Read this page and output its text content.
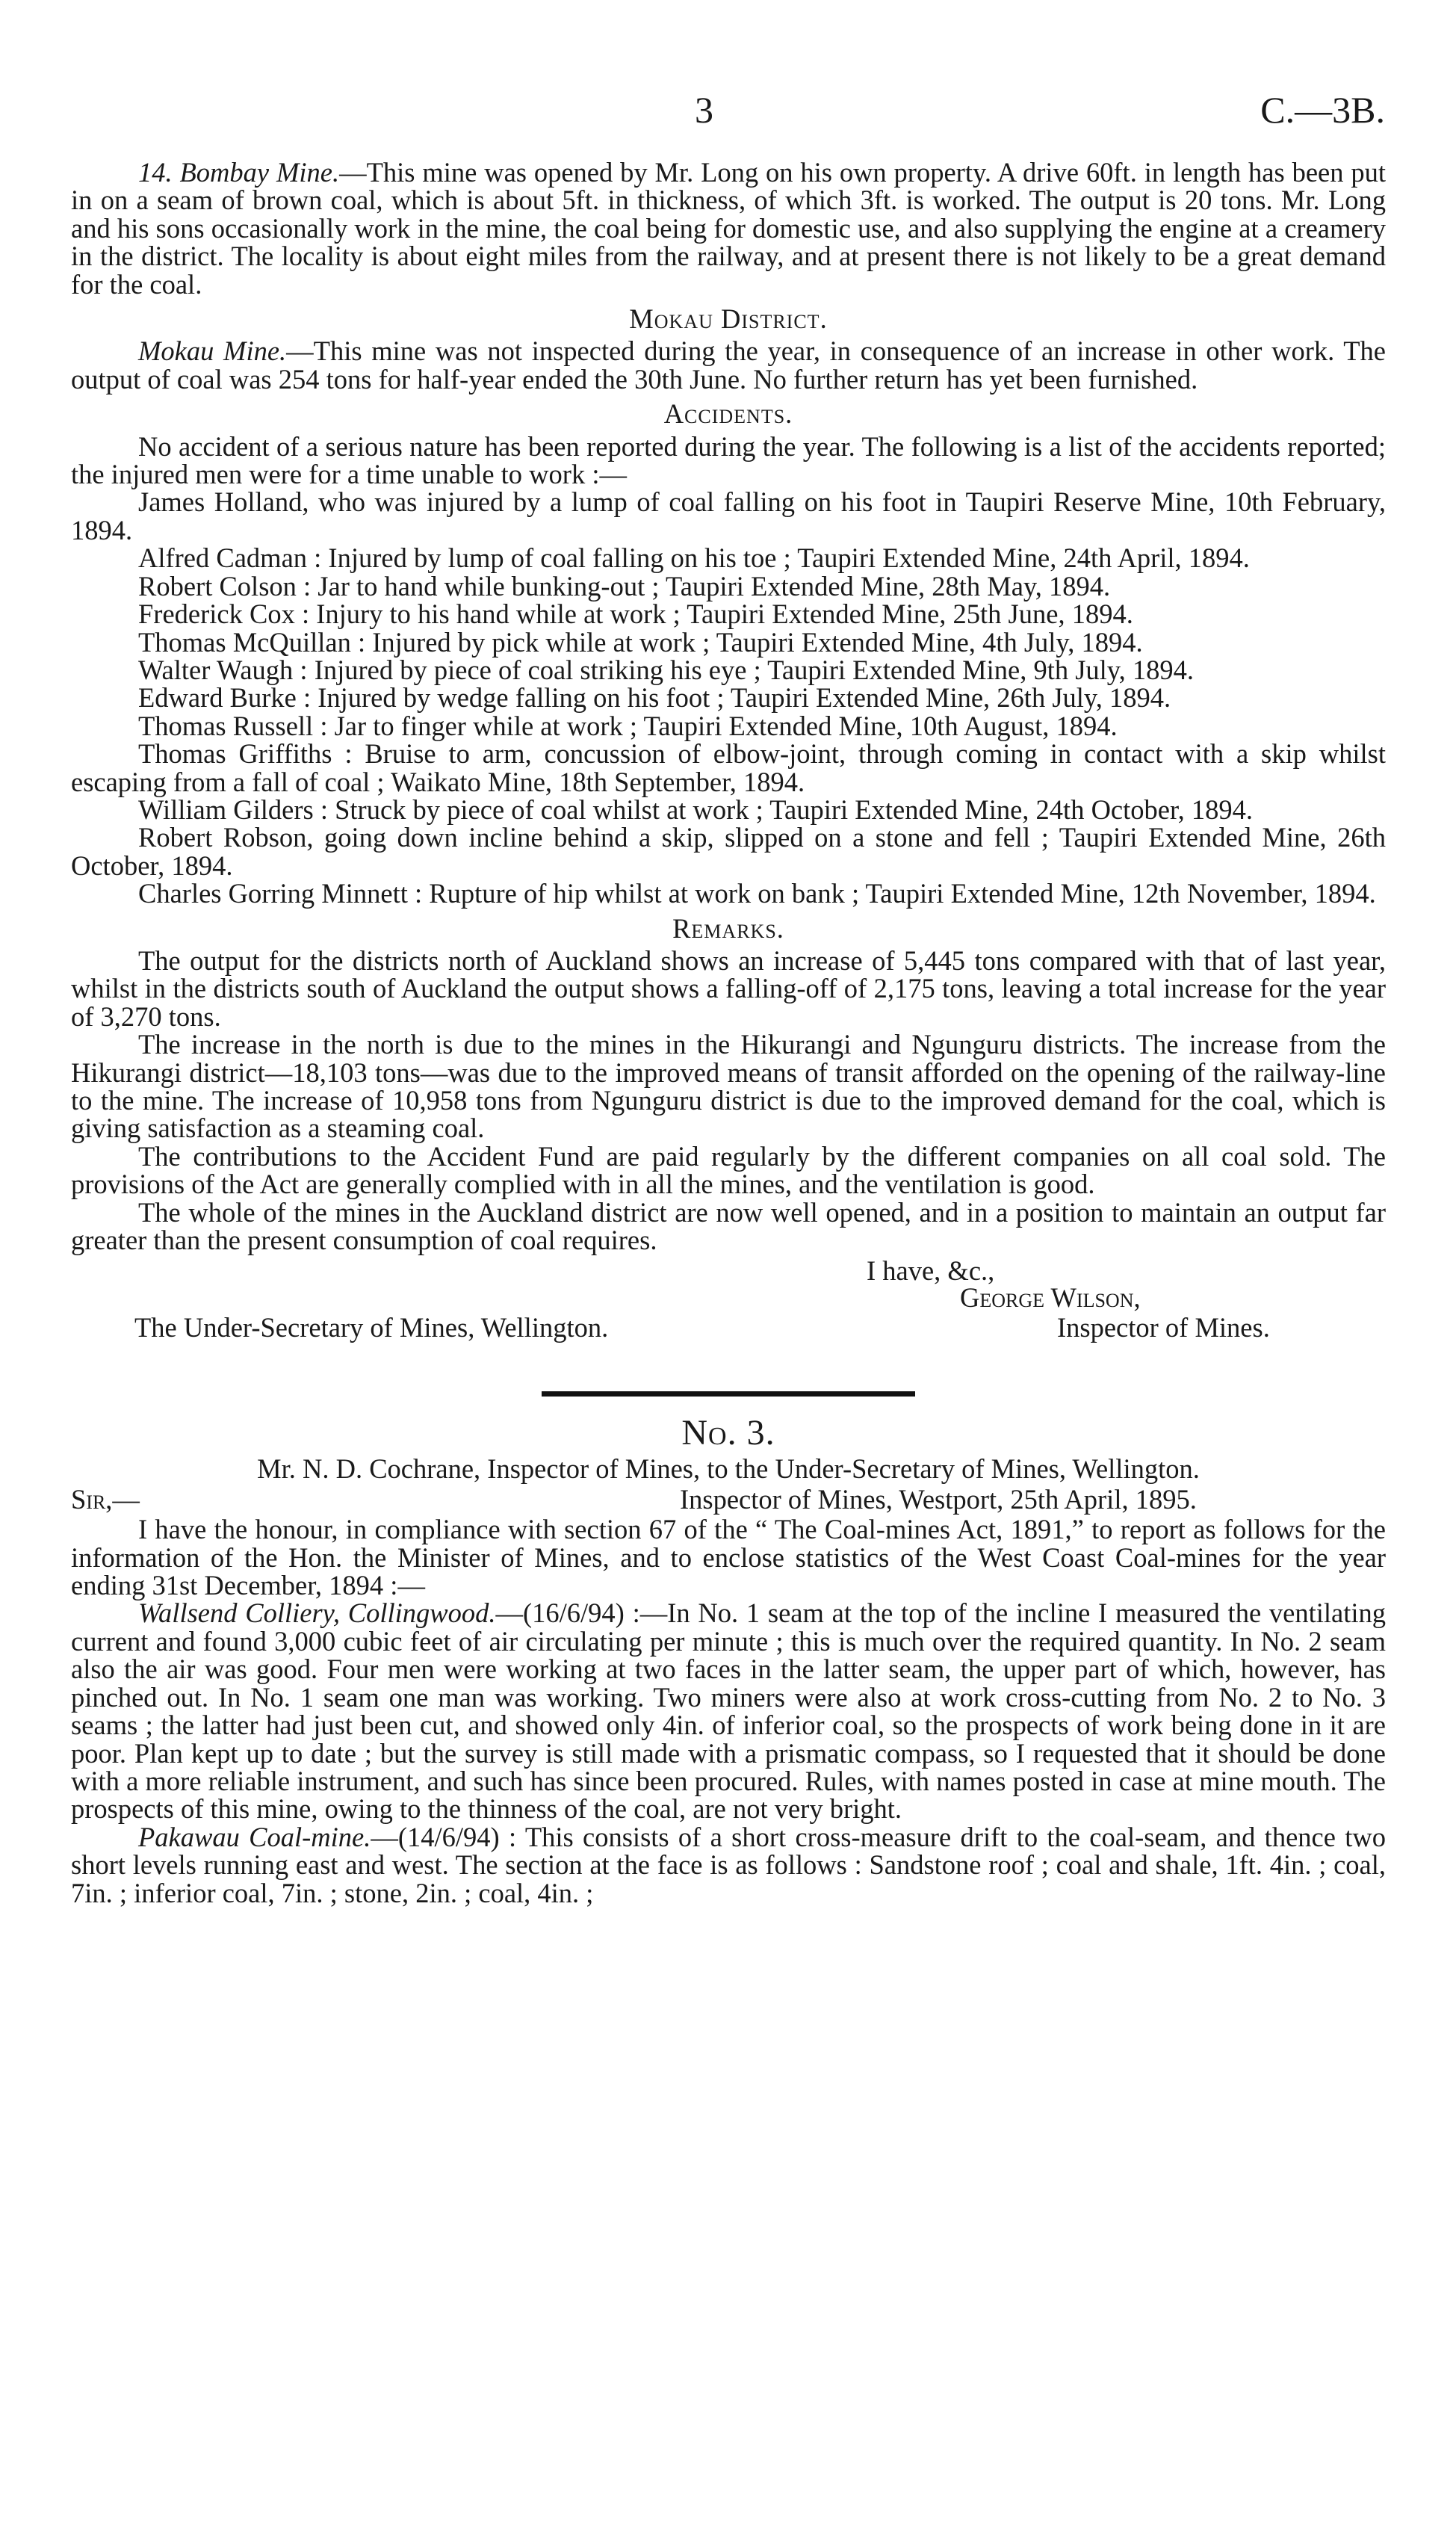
3	C.—3B.

14. Bombay Mine.—This mine was opened by Mr. Long on his own property. A drive 60ft. in length has been put in on a seam of brown coal, which is about 5ft. in thickness, of which 3ft. is worked. The output is 20 tons. Mr. Long and his sons occasionally work in the mine, the coal being for domestic use, and also supplying the engine at a creamery in the district. The locality is about eight miles from the railway, and at present there is not likely to be a great demand for the coal.

Mokau District.

Mokau Mine.—This mine was not inspected during the year, in consequence of an increase in other work. The output of coal was 254 tons for half-year ended the 30th June. No further return has yet been furnished.

Accidents.

No accident of a serious nature has been reported during the year. The following is a list of the accidents reported; the injured men were for a time unable to work :—

James Holland, who was injured by a lump of coal falling on his foot in Taupiri Reserve Mine, 10th February, 1894.

Alfred Cadman : Injured by lump of coal falling on his toe ; Taupiri Extended Mine, 24th April, 1894.

Robert Colson : Jar to hand while bunking-out ; Taupiri Extended Mine, 28th May, 1894.

Frederick Cox : Injury to his hand while at work ; Taupiri Extended Mine, 25th June, 1894.

Thomas McQuillan : Injured by pick while at work ; Taupiri Extended Mine, 4th July, 1894.

Walter Waugh : Injured by piece of coal striking his eye ; Taupiri Extended Mine, 9th July, 1894.

Edward Burke : Injured by wedge falling on his foot ; Taupiri Extended Mine, 26th July, 1894.

Thomas Russell : Jar to finger while at work ; Taupiri Extended Mine, 10th August, 1894.

Thomas Griffiths : Bruise to arm, concussion of elbow-joint, through coming in contact with a skip whilst escaping from a fall of coal ; Waikato Mine, 18th September, 1894.

William Gilders : Struck by piece of coal whilst at work ; Taupiri Extended Mine, 24th October, 1894.

Robert Robson, going down incline behind a skip, slipped on a stone and fell ; Taupiri Extended Mine, 26th October, 1894.

Charles Gorring Minnett : Rupture of hip whilst at work on bank ; Taupiri Extended Mine, 12th November, 1894.

Remarks.

The output for the districts north of Auckland shows an increase of 5,445 tons compared with that of last year, whilst in the districts south of Auckland the output shows a falling-off of 2,175 tons, leaving a total increase for the year of 3,270 tons.

The increase in the north is due to the mines in the Hikurangi and Ngunguru districts. The increase from the Hikurangi district—18,103 tons—was due to the improved means of transit afforded on the opening of the railway-line to the mine. The increase of 10,958 tons from Ngunguru district is due to the improved demand for the coal, which is giving satisfaction as a steaming coal.

The contributions to the Accident Fund are paid regularly by the different companies on all coal sold. The provisions of the Act are generally complied with in all the mines, and the ventilation is good.

The whole of the mines in the Auckland district are now well opened, and in a position to maintain an output far greater than the present consumption of coal requires.

I have, &c.,
George Wilson,
The Under-Secretary of Mines, Wellington.	Inspector of Mines.
No. 3.
Mr. N. D. Cochrane, Inspector of Mines, to the Under-Secretary of Mines, Wellington.
Sir,—	Inspector of Mines, Westport, 25th April, 1895.

I have the honour, in compliance with section 67 of the “ The Coal-mines Act, 1891,” to report as follows for the information of the Hon. the Minister of Mines, and to enclose statistics of the West Coast Coal-mines for the year ending 31st December, 1894 :—

Wallsend Colliery, Collingwood.—(16/6/94) :—In No. 1 seam at the top of the incline I measured the ventilating current and found 3,000 cubic feet of air circulating per minute ; this is much over the required quantity. In No. 2 seam also the air was good. Four men were working at two faces in the latter seam, the upper part of which, however, has pinched out. In No. 1 seam one man was working. Two miners were also at work cross-cutting from No. 2 to No. 3 seams ; the latter had just been cut, and showed only 4in. of inferior coal, so the prospects of work being done in it are poor. Plan kept up to date ; but the survey is still made with a prismatic compass, so I requested that it should be done with a more reliable instrument, and such has since been procured. Rules, with names posted in case at mine mouth. The prospects of this mine, owing to the thinness of the coal, are not very bright.

Pakawau Coal-mine.—(14/6/94) : This consists of a short cross-measure drift to the coal-seam, and thence two short levels running east and west. The section at the face is as follows : Sandstone roof ; coal and shale, 1ft. 4in. ; coal, 7in. ; inferior coal, 7in. ; stone, 2in. ; coal, 4in. ;
